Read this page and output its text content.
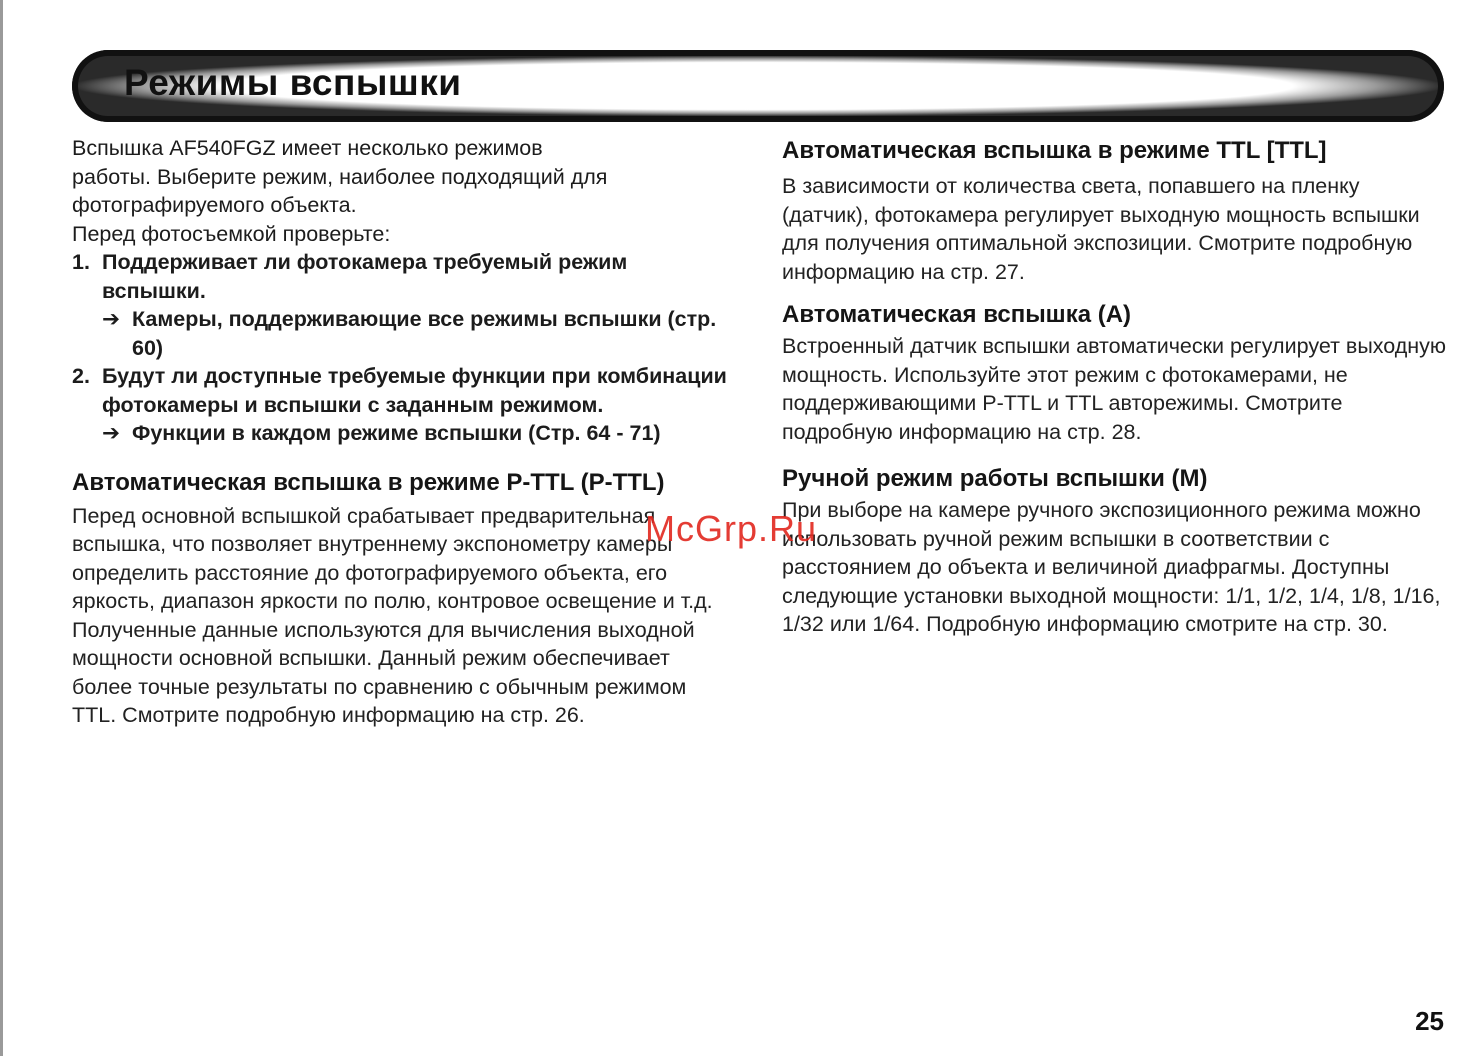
Режимы вспышки

Вспышка AF540FGZ имеет несколько режимов
работы. Выберите режим, наиболее подходящий для
фотографируемого объекта.

Перед фотосъемкой проверьте:

1. Поддерживает ли фотокамера требуемый режим вспышки.
➔ Камеры, поддерживающие все режимы вспышки (стр. 60)
2. Будут ли доступные требуемые функции при комбинации фотокамеры и вспышки с заданным режимом.
➔ Функции в каждом режиме вспышки (Стр. 64 - 71)
Автоматическая вспышка в режиме P-TTL (P-TTL)

Перед основной вспышкой срабатывает предварительная вспышка, что позволяет внутреннему экспонометру камеры определить расстояние до фотографируемого объекта, его яркость, диапазон яркости по полю, контровое освещение и т.д. Полученные данные используются для вычисления выходной мощности основной вспышки. Данный режим обеспечивает более точные результаты по сравнению с обычным режимом TTL. Смотрите подробную информацию на стр. 26.

Автоматическая вспышка в режиме TTL [TTL]

В зависимости от количества света, попавшего на пленку (датчик), фотокамера регулирует выходную мощность вспышки для получения оптимальной экспозиции. Смотрите подробную информацию на стр. 27.

Автоматическая вспышка (A)

Встроенный датчик вспышки автоматически регулирует выходную мощность. Используйте этот режим с фотокамерами, не поддерживающими P-TTL и TTL авторежимы. Смотрите подробную информацию на стр. 28.

Ручной режим работы вспышки (M)

При выборе на камере ручного экспозиционного режима можно использовать ручной режим вспышки в соответствии с расстоянием до объекта и величиной диафрагмы. Доступны следующие установки выходной мощности: 1/1, 1/2, 1/4, 1/8, 1/16, 1/32 или 1/64. Подробную информацию смотрите на стр. 30.

McGrp.Ru
25
